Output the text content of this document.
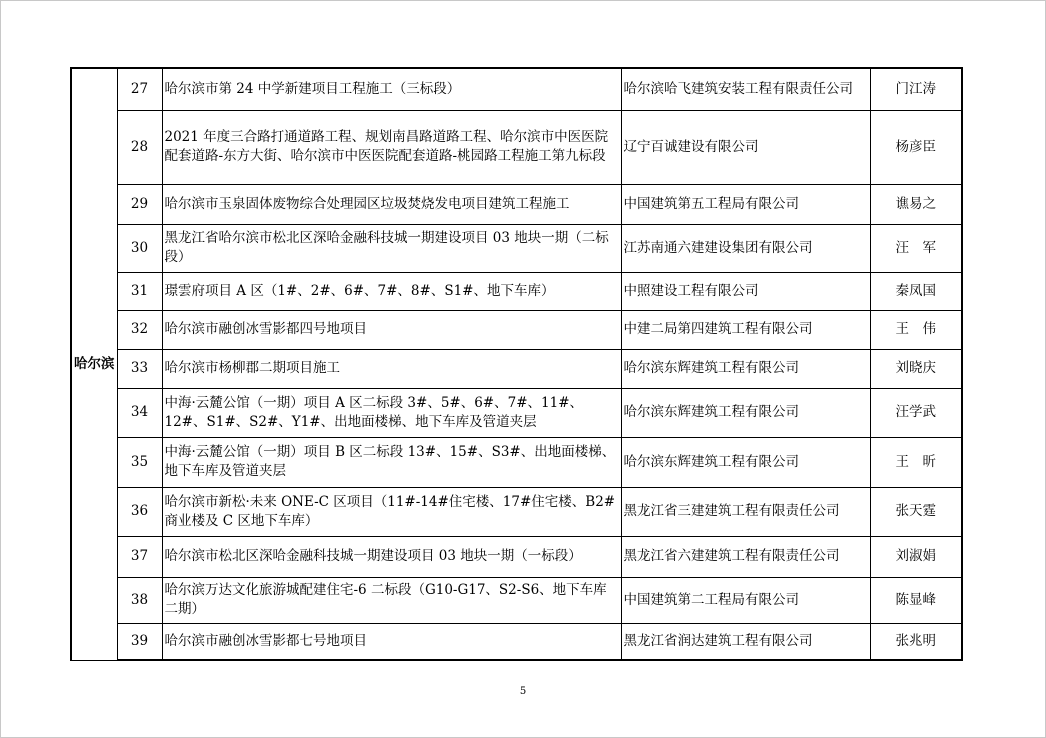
哈尔滨	27	哈尔滨市第 24 中学新建项目工程施工（三标段）	哈尔滨哈飞建筑安装工程有限责任公司	门江涛
	28	2021 年度三合路打通道路工程、规划南昌路道路工程、哈尔滨市中医医院配套道路-东方大街、哈尔滨市中医医院配套道路-桃园路工程施工第九标段	辽宁百诚建设有限公司	杨彦臣
	29	哈尔滨市玉泉固体废物综合处理园区垃圾焚烧发电项目建筑工程施工	中国建筑第五工程局有限公司	谯易之
	30	黑龙江省哈尔滨市松北区深哈金融科技城一期建设项目 03 地块一期（二标段）	江苏南通六建建设集团有限公司	汪　军
	31	璟雲府项目 A 区（1#、2#、6#、7#、8#、S1#、地下车库）	中照建设工程有限公司	秦凤国
	32	哈尔滨市融创冰雪影都四号地项目	中建二局第四建筑工程有限公司	王　伟
	33	哈尔滨市杨柳郡二期项目施工	哈尔滨东辉建筑工程有限公司	刘晓庆
	34	中海·云麓公馆（一期）项目 A 区二标段 3#、5#、6#、7#、11#、12#、S1#、S2#、Y1#、出地面楼梯、地下车库及管道夹层	哈尔滨东辉建筑工程有限公司	汪学武
	35	中海·云麓公馆（一期）项目 B 区二标段 13#、15#、S3#、出地面楼梯、地下车库及管道夹层	哈尔滨东辉建筑工程有限公司	王　昕
	36	哈尔滨市新松·未来 ONE-C 区项目（11#-14#住宅楼、17#住宅楼、B2#商业楼及 C 区地下车库）	黑龙江省三建建筑工程有限责任公司	张天霆
	37	哈尔滨市松北区深哈金融科技城一期建设项目 03 地块一期（一标段）	黑龙江省六建建筑工程有限责任公司	刘淑娟
	38	哈尔滨万达文化旅游城配建住宅-6 二标段（G10-G17、S2-S6、地下车库二期）	中国建筑第二工程局有限公司	陈显峰
	39	哈尔滨市融创冰雪影都七号地项目	黑龙江省润达建筑工程有限公司	张兆明
5
